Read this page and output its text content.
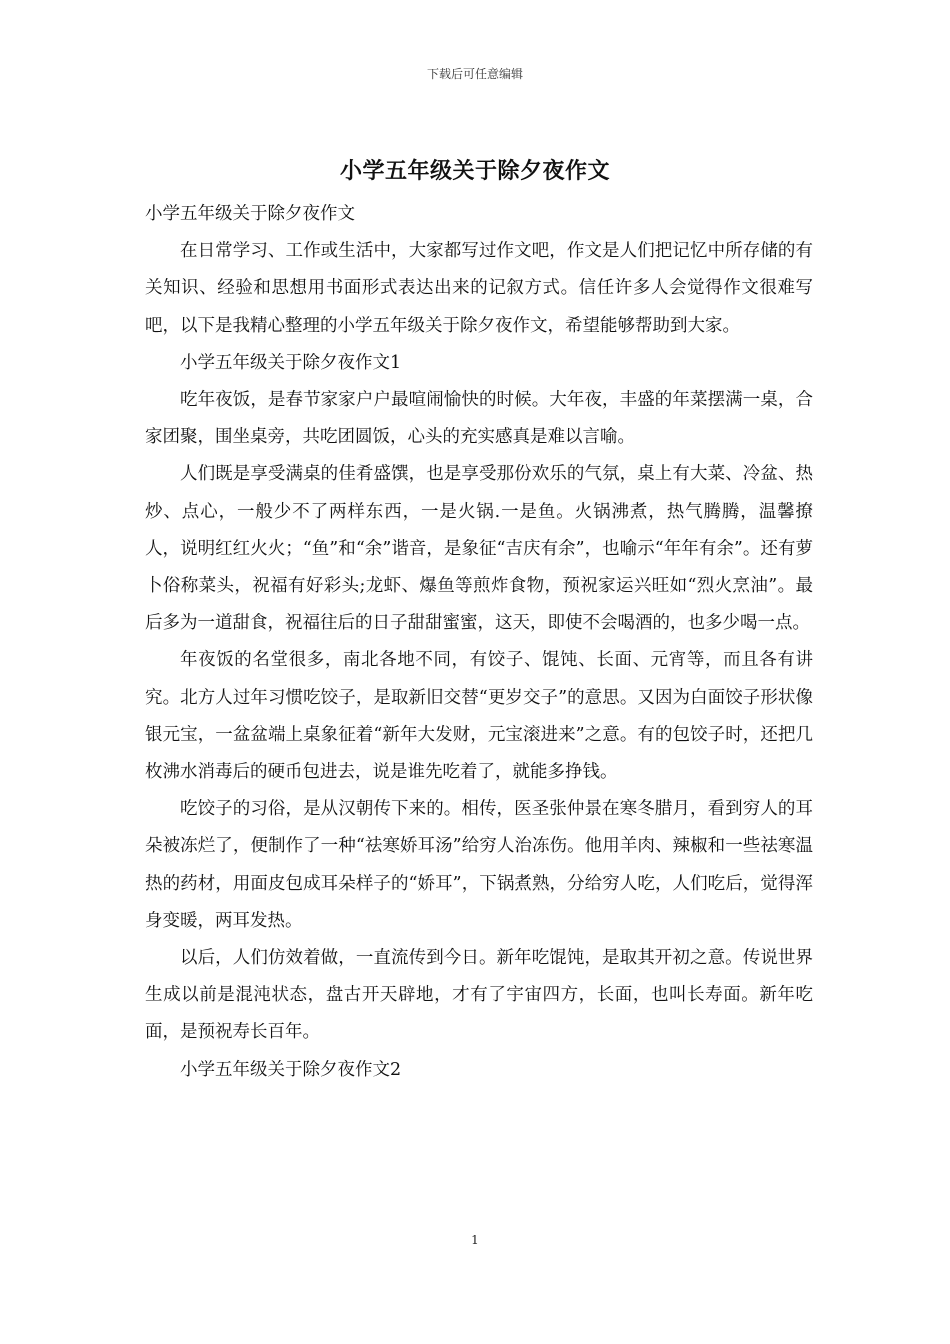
下载后可任意编辑
小学五年级关于除夕夜作文

小学五年级关于除夕夜作文

在日常学习、工作或生活中，大家都写过作文吧，作文是人们把记忆中所存储的有关知识、经验和思想用书面形式表达出来的记叙方式。信任许多人会觉得作文很难写吧，以下是我精心整理的小学五年级关于除夕夜作文，希望能够帮助到大家。

小学五年级关于除夕夜作文1

吃年夜饭，是春节家家户户最喧闹愉快的时候。大年夜，丰盛的年菜摆满一桌，合家团聚，围坐桌旁，共吃团圆饭，心头的充实感真是难以言喻。

人们既是享受满桌的佳肴盛馔，也是享受那份欢乐的气氛，桌上有大菜、冷盆、热炒、点心，一般少不了两样东西，一是火锅.一是鱼。火锅沸煮，热气腾腾，温馨撩人，说明红红火火；“鱼”和“余”谐音，是象征“吉庆有余”，也喻示“年年有余”。还有萝卜俗称菜头，祝福有好彩头;龙虾、爆鱼等煎炸食物，预祝家运兴旺如“烈火烹油”。最后多为一道甜食，祝福往后的日子甜甜蜜蜜，这天，即使不会喝酒的，也多少喝一点。

年夜饭的名堂很多，南北各地不同，有饺子、馄饨、长面、元宵等，而且各有讲究。北方人过年习惯吃饺子，是取新旧交替“更岁交子”的意思。又因为白面饺子形状像银元宝，一盆盆端上桌象征着“新年大发财，元宝滚进来”之意。有的包饺子时，还把几枚沸水消毒后的硬币包进去，说是谁先吃着了，就能多挣钱。

吃饺子的习俗，是从汉朝传下来的。相传，医圣张仲景在寒冬腊月，看到穷人的耳朵被冻烂了，便制作了一种“祛寒娇耳汤”给穷人治冻伤。他用羊肉、辣椒和一些祛寒温热的药材，用面皮包成耳朵样子的“娇耳”，下锅煮熟，分给穷人吃，人们吃后，觉得浑身变暖，两耳发热。

以后，人们仿效着做，一直流传到今日。新年吃馄饨，是取其开初之意。传说世界生成以前是混沌状态，盘古开天辟地，才有了宇宙四方，长面，也叫长寿面。新年吃面，是预祝寿长百年。

小学五年级关于除夕夜作文2

1
